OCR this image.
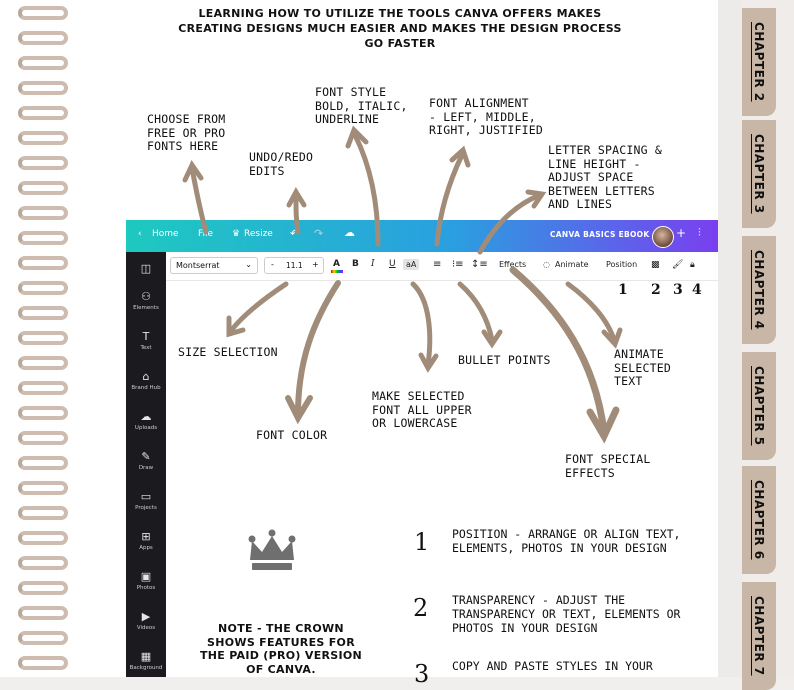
CHAPTER 2
CHAPTER 3
CHAPTER 4
CHAPTER 5
CHAPTER 6
CHAPTER 7
LEARNING HOW TO UTILIZE THE TOOLS CANVA OFFERS MAKES CREATING DESIGNS MUCH EASIER AND MAKES THE DESIGN PROCESS GO FASTER
CHOOSE FROM
FREE OR PRO
FONTS HERE
UNDO/REDO
EDITS
FONT STYLE
BOLD, ITALIC,
UNDERLINE
FONT ALIGNMENT
- LEFT, MIDDLE,
RIGHT, JUSTIFIED
LETTER SPACING &
LINE HEIGHT -
ADJUST SPACE
BETWEEN LETTERS
AND LINES
SIZE SELECTION
FONT COLOR
MAKE SELECTED
FONT ALL UPPER
OR LOWERCASE
BULLET POINTS	ANIMATE
SELECTED
TEXT
FONT SPECIAL
EFFECTS
‹ Home File ♛ Resize ↶ ↷ ☁	CANVA BASICS EBOOK + ⫶
◫
⚇
Elements
T
Text
⌂
Brand Hub
☁
Uploads
✎
Draw
▭
Projects
⊞
Apps
▣
Photos
▶
Videos
▦
Background
Montserrat	⌄ - 11.1 + A B I U	aA	≡ ⁝≡ ↕≡ Effects ◌ Animate Position ▩ 🖌︎ 🔒︎
1 2 3 4
1 POSITION - ARRANGE OR ALIGN TEXT, ELEMENTS, PHOTOS IN YOUR DESIGN
2 TRANSPARENCY - ADJUST THE TRANSPARENCY OR TEXT, ELEMENTS OR PHOTOS IN YOUR DESIGN
3 COPY AND PASTE STYLES IN YOUR
NOTE - THE CROWN SHOWS FEATURES FOR THE PAID (PRO) VERSION OF CANVA.
